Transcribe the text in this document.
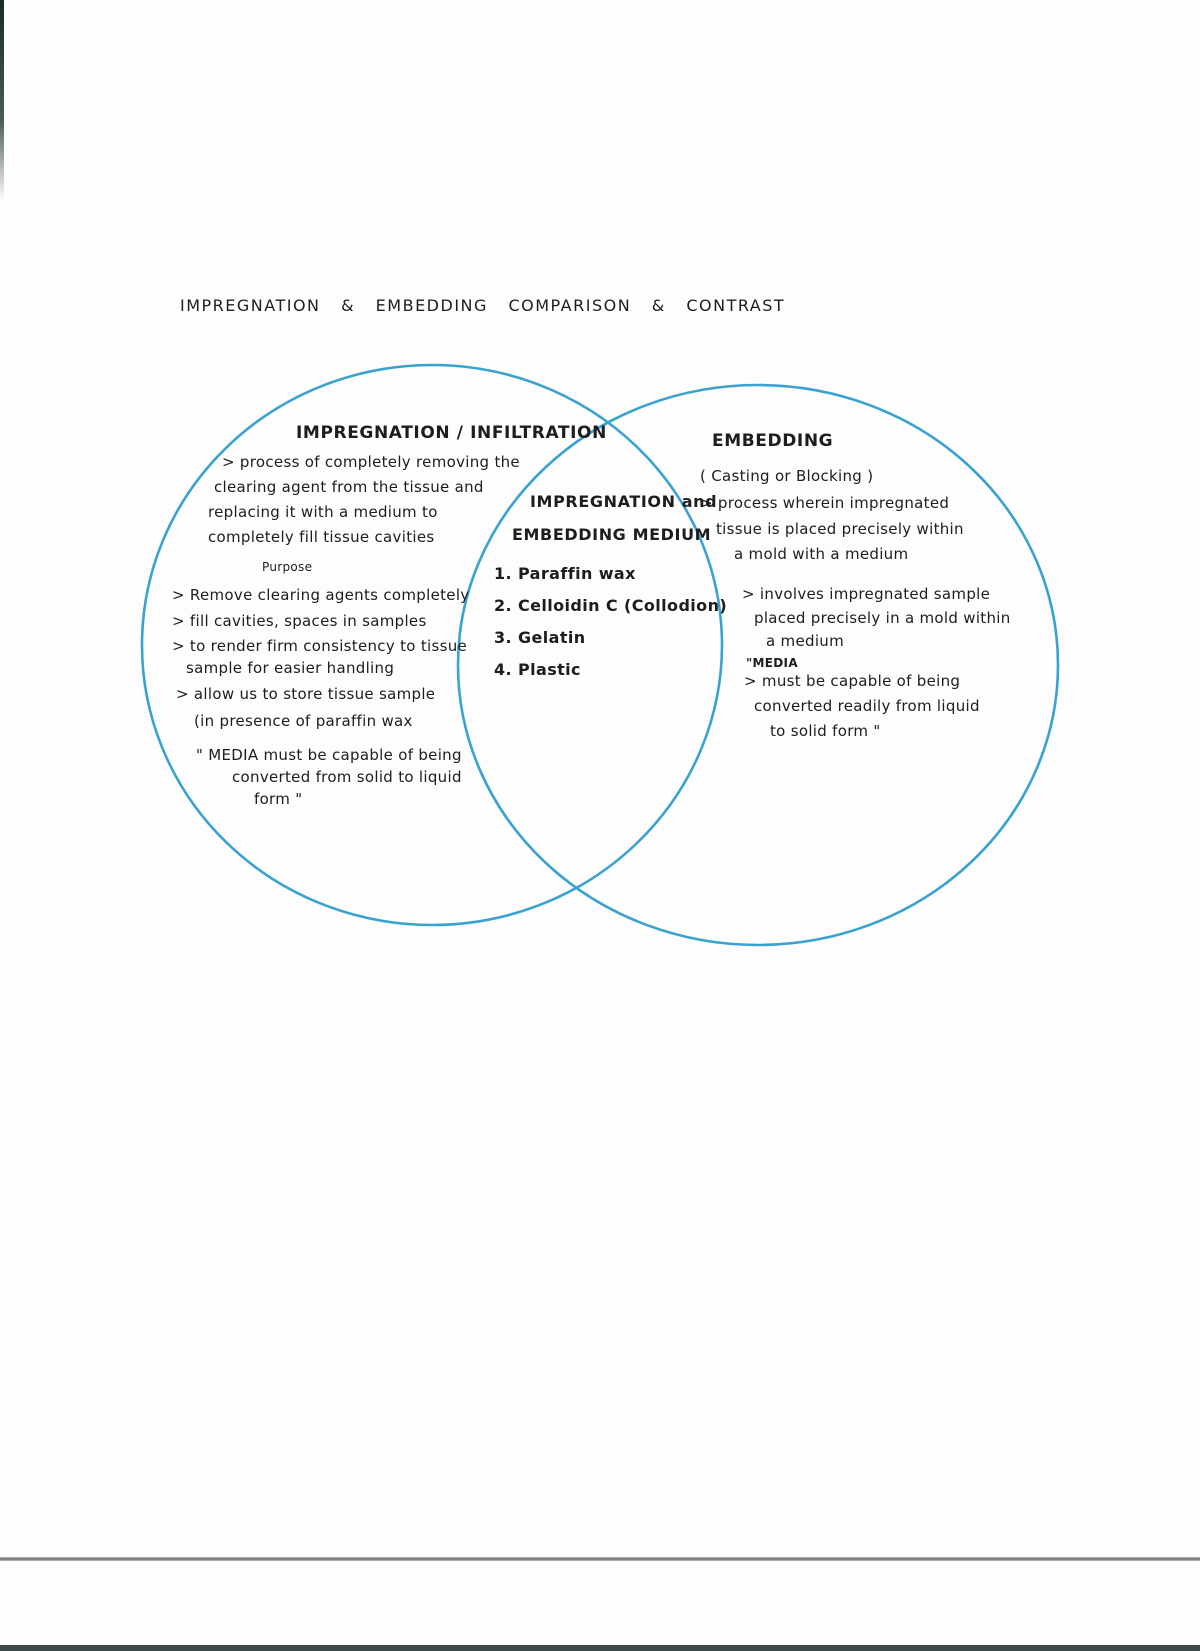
IMPREGNATION & EMBEDDING COMPARISON & CONTRAST
IMPREGNATION / INFILTRATION
> process of completely removing the
clearing agent from the tissue and
replacing it with a medium to
completely fill tissue cavities
Purpose
> Remove clearing agents completely
> fill cavities, spaces in samples
> to render firm consistency to tissue
sample for easier handling
> allow us to store tissue sample
(in presence of paraffin wax
" MEDIA must be capable of being
converted from solid to liquid
form "
IMPREGNATION and
EMBEDDING MEDIUM
1. Paraffin wax
2. Celloidin C (Collodion)
3. Gelatin
4. Plastic
EMBEDDING
( Casting or Blocking )
> process wherein impregnated
tissue is placed precisely within
a mold with a medium
> involves impregnated sample
placed precisely in a mold within
a medium
"MEDIA
> must be capable of being
converted readily from liquid
to solid form "
